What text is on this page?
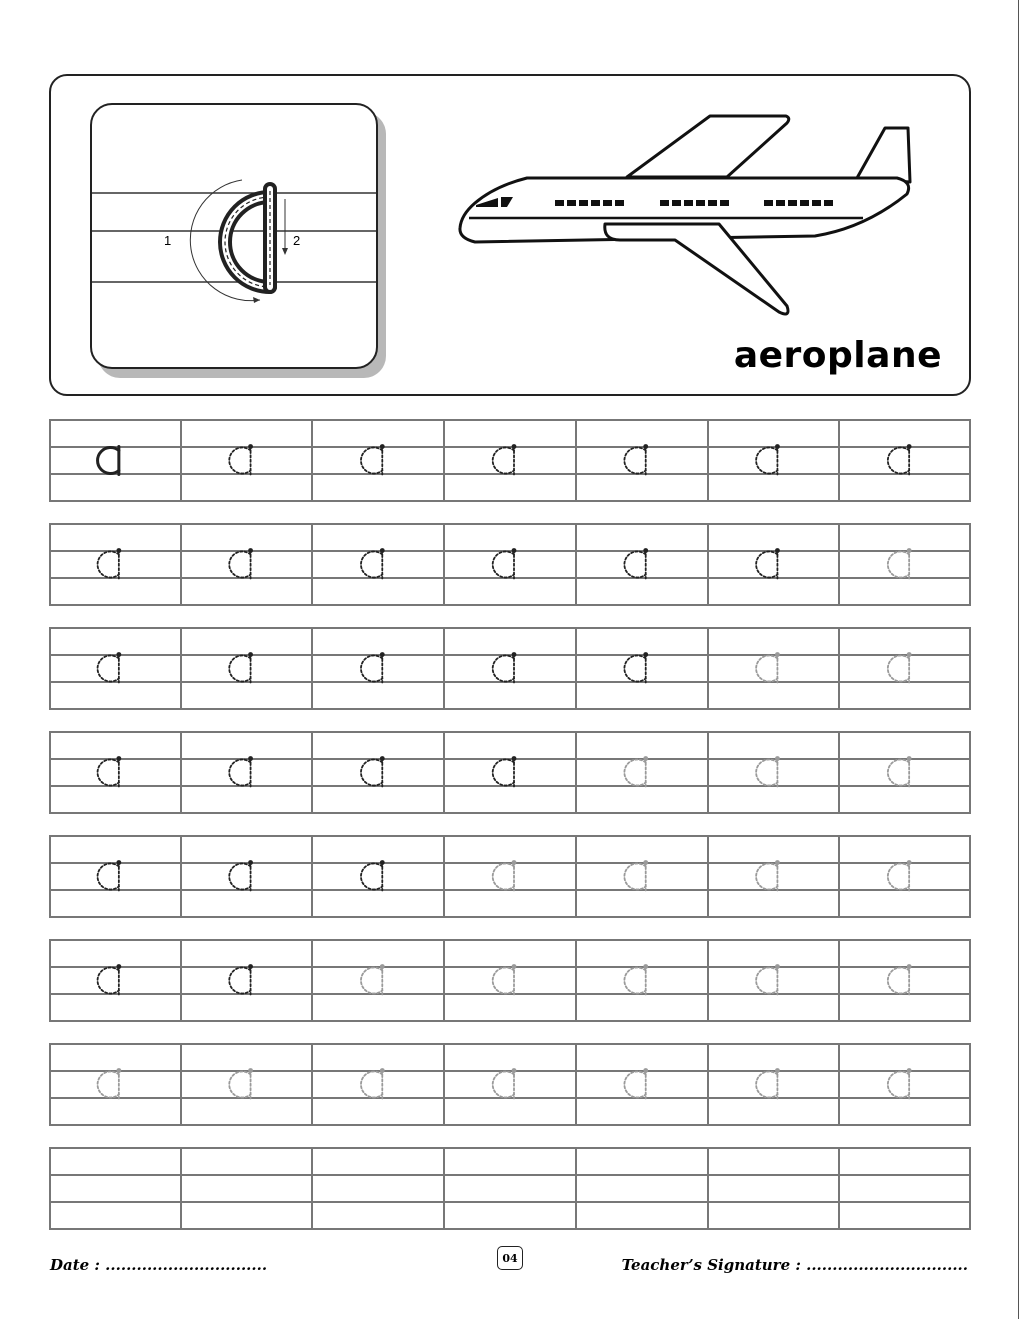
1	2
aeroplane
Date : ...............................	04	Teacher’s Signature : ...............................
